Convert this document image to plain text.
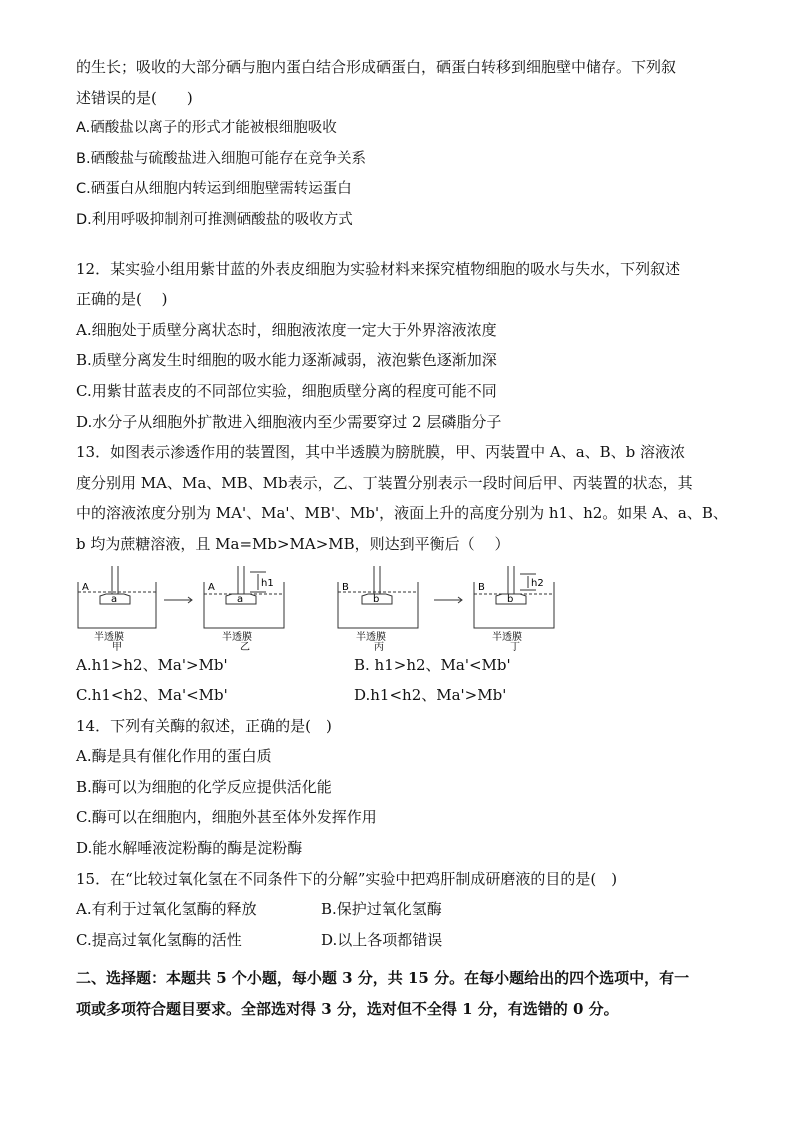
的生长；吸收的大部分硒与胞内蛋白结合形成硒蛋白，硒蛋白转移到细胞壁中储存。下列叙
述错误的是(　　)
A.硒酸盐以离子的形式才能被根细胞吸收
B.硒酸盐与硫酸盐进入细胞可能存在竞争关系
C.硒蛋白从细胞内转运到细胞壁需转运蛋白
D.利用呼吸抑制剂可推测硒酸盐的吸收方式
12．某实验小组用紫甘蓝的外表皮细胞为实验材料来探究植物细胞的吸水与失水，下列叙述
正确的是(　 )
A.细胞处于质壁分离状态时，细胞液浓度一定大于外界溶液浓度
B.质壁分离发生时细胞的吸水能力逐渐减弱，液泡紫色逐渐加深
C.用紫甘蓝表皮的不同部位实验，细胞质壁分离的程度可能不同
D.水分子从细胞外扩散进入细胞液内至少需要穿过 2 层磷脂分子
13．如图表示渗透作用的装置图，其中半透膜为膀胱膜，甲、丙装置中 A、a、B、b 溶液浓
度分别用 MA、Ma、MB、Mb表示，乙、丁装置分别表示一段时间后甲、丙装置的状态，其
中的溶液浓度分别为 MA'、Ma'、MB'、Mb'，液面上升的高度分别为 h1、h2。如果 A、a、B、
b 均为蔗糖溶液，且 Ma=Mb>MA>MB，则达到平衡后（　 ）
A
a
半透膜
甲
A
a
h1
半透膜
乙
B
b
半透膜
丙
B
b
h2
半透膜
丁
A.h1>h2、Ma'>Mb'	B. h1>h2、Ma'<Mb'
C.h1<h2、Ma'<Mb'	D.h1<h2、Ma'>Mb'
14．下列有关酶的叙述，正确的是(　)
A.酶是具有催化作用的蛋白质
B.酶可以为细胞的化学反应提供活化能
C.酶可以在细胞内，细胞外甚至体外发挥作用
D.能水解唾液淀粉酶的酶是淀粉酶
15．在“比较过氧化氢在不同条件下的分解”实验中把鸡肝制成研磨液的目的是(　)
A.有利于过氧化氢酶的释放	B.保护过氧化氢酶
C.提高过氧化氢酶的活性	D.以上各项都错误
二、选择题：本题共 5 个小题，每小题 3 分，共 15 分。在每小题给出的四个选项中，有一
项或多项符合题目要求。全部选对得 3 分，选对但不全得 1 分，有选错的 0 分。
